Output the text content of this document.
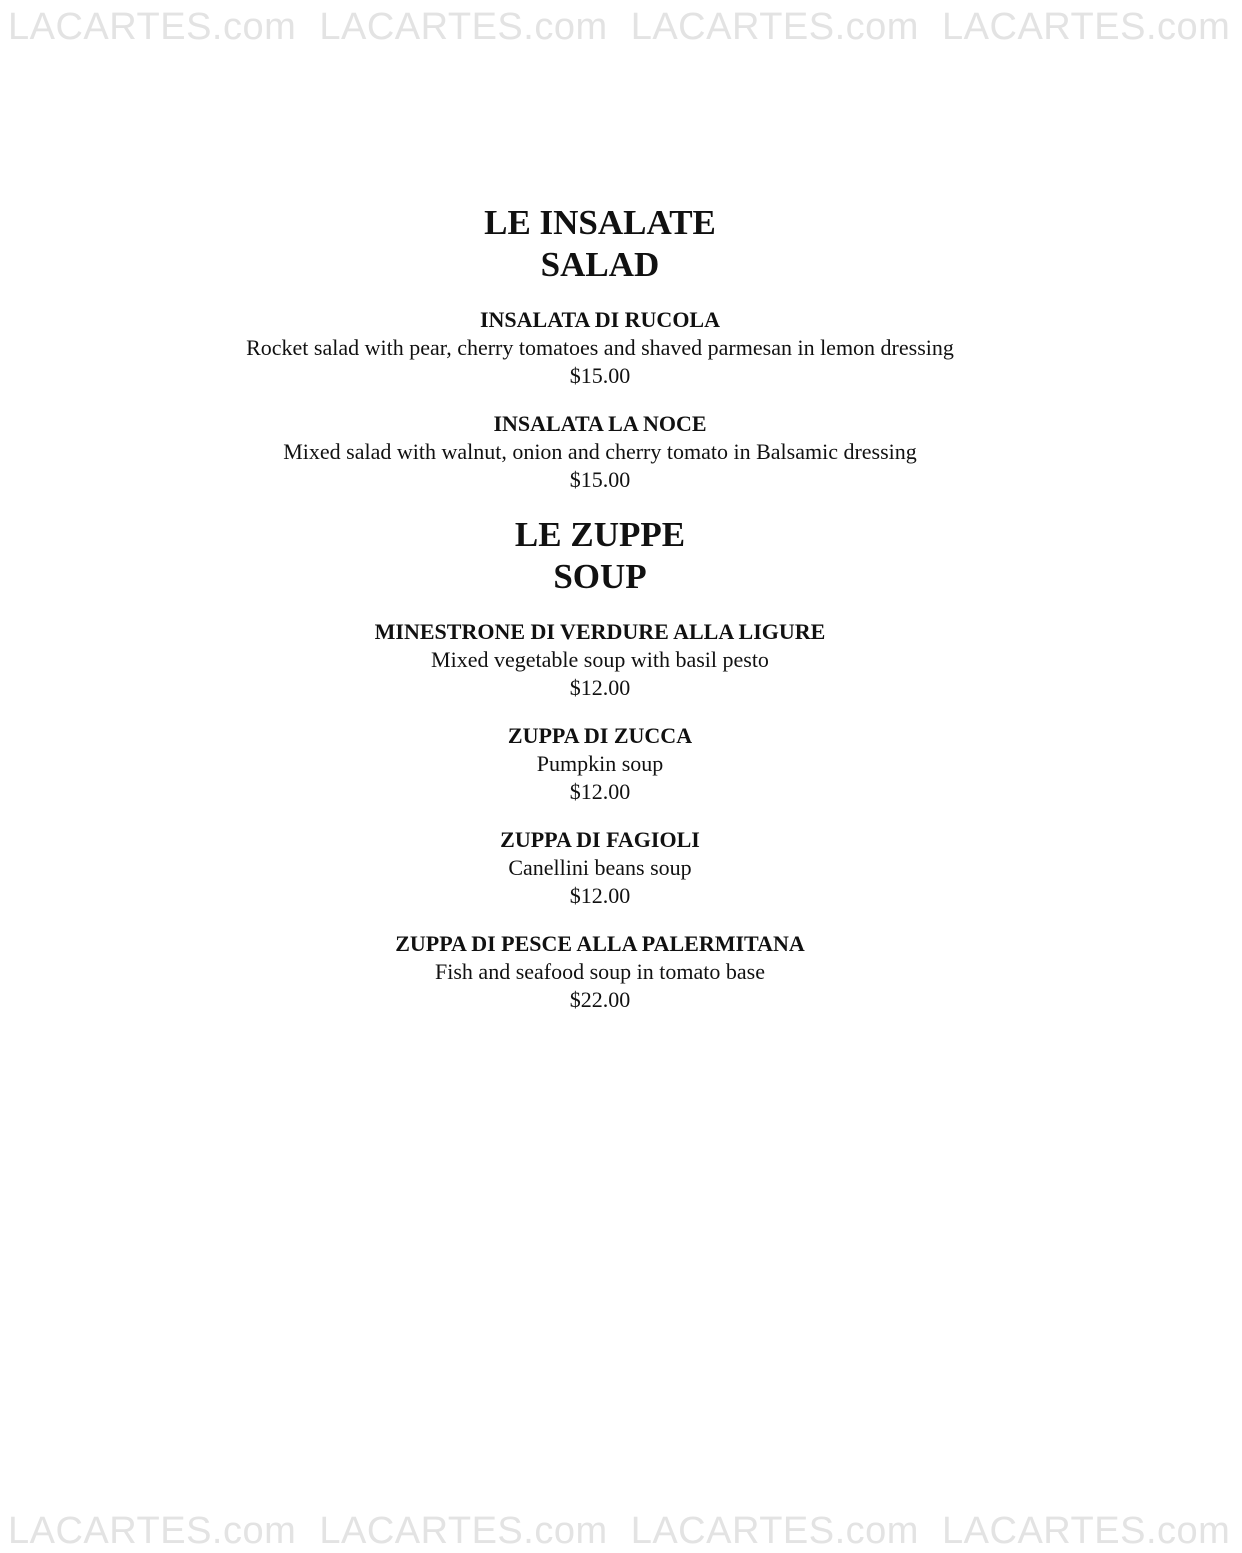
LACARTES.com LACARTES.com LACARTES.com LACARTES.com
LE INSALATE
SALAD
INSALATA DI RUCOLA
Rocket salad with pear, cherry tomatoes and shaved parmesan in lemon dressing
$15.00
INSALATA LA NOCE
Mixed salad with walnut, onion and cherry tomato in Balsamic dressing
$15.00
LE ZUPPE
SOUP
MINESTRONE DI VERDURE ALLA LIGURE
Mixed vegetable soup with basil pesto
$12.00
ZUPPA DI ZUCCA
Pumpkin soup
$12.00
ZUPPA DI FAGIOLI
Canellini beans soup
$12.00
ZUPPA DI PESCE ALLA PALERMITANA
Fish and seafood soup in tomato base
$22.00
LACARTES.com LACARTES.com LACARTES.com LACARTES.com
